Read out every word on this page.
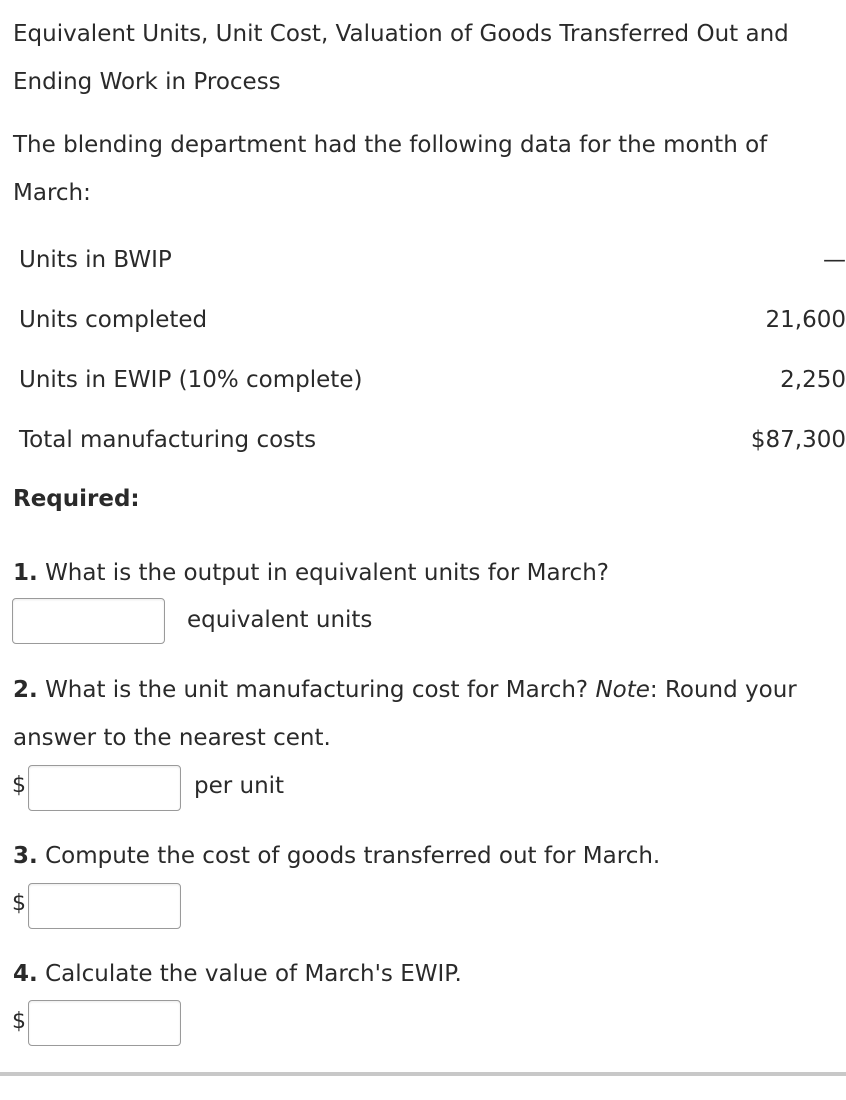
Equivalent Units, Unit Cost, Valuation of Goods Transferred Out and Ending Work in Process
The blending department had the following data for the month of March:
Units in BWIP	—
Units completed	21,600
Units in EWIP (10% complete)	2,250
Total manufacturing costs	$87,300
Required:
1. What is the output in equivalent units for March?
equivalent units
2. What is the unit manufacturing cost for March? Note: Round your answer to the nearest cent.
$	per unit
3. Compute the cost of goods transferred out for March.
$
4. Calculate the value of March's EWIP.
$
